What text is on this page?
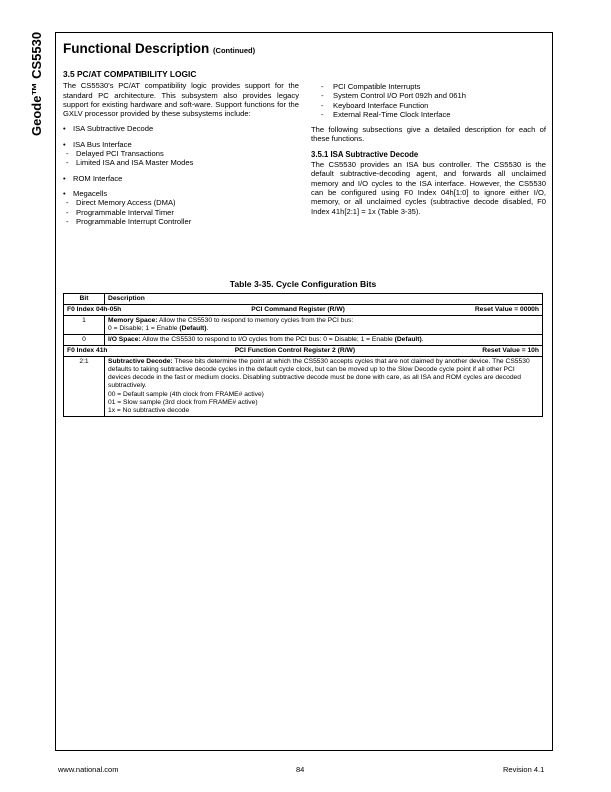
Geode™ CS5530 Functional Description (Continued)
3.5 PC/AT COMPATIBILITY LOGIC
The CS5530's PC/AT compatibility logic provides support for the standard PC architecture. This subsystem also provides legacy support for existing hardware and soft-ware. Support functions for the GXLV processor provided by these subsystems include:
• ISA Subtractive Decode
• ISA Bus Interface
- Delayed PCI Transactions
- Limited ISA and ISA Master Modes
• ROM Interface
• Megacells
- Direct Memory Access (DMA)
- Programmable Interval Timer
- Programmable Interrupt Controller
-	PCI Compatible Interrupts
-	System Control I/O Port 092h and 061h
-	Keyboard Interface Function
-	External Real-Time Clock Interface
The following subsections give a detailed description for each of these functions.
3.5.1 ISA Subtractive Decode
The CS5530 provides an ISA bus controller. The CS5530 is the default subtractive-decoding agent, and forwards all unclaimed memory and I/O cycles to the ISA interface. However, the CS5530 can be configured using F0 Index 04h[1:0] to ignore either I/O, memory, or all unclaimed cycles (subtractive decode disabled, F0 Index 41h[2:1] = 1x (Table 3-35).
Table 3-35. Cycle Configuration Bits
Bit	Description

F0 Index 04h-05h PCI Command Register (R/W) Reset Value = 0000h	

1	Memory Space: Allow the CS5530 to respond to memory cycles from the PCI bus:
0 = Disable; 1 = Enable (Default).
0	I/O Space: Allow the CS5530 to respond to I/O cycles from the PCI bus: 0 = Disable; 1 = Enable (Default).

F0 Index 41h PCI Function Control Register 2 (R/W) Reset Value = 10h	

2:1	Subtractive Decode: These bits determine the point at which the CS5530 accepts cycles that are not claimed by another device. The CS5530 defaults to taking subtractive decode cycles in the default cycle clock, but can be moved up to the Slow Decode cycle point if all other PCI devices decode in the fast or medium clocks. Disabling subtractive decode must be done with care, as all ISA and ROM cycles are decoded subtractively.
00 = Default sample (4th clock from FRAME# active)
01 = Slow sample (3rd clock from FRAME# active)
1x = No subtractive decode
www.national.com	84	Revision 4.1
